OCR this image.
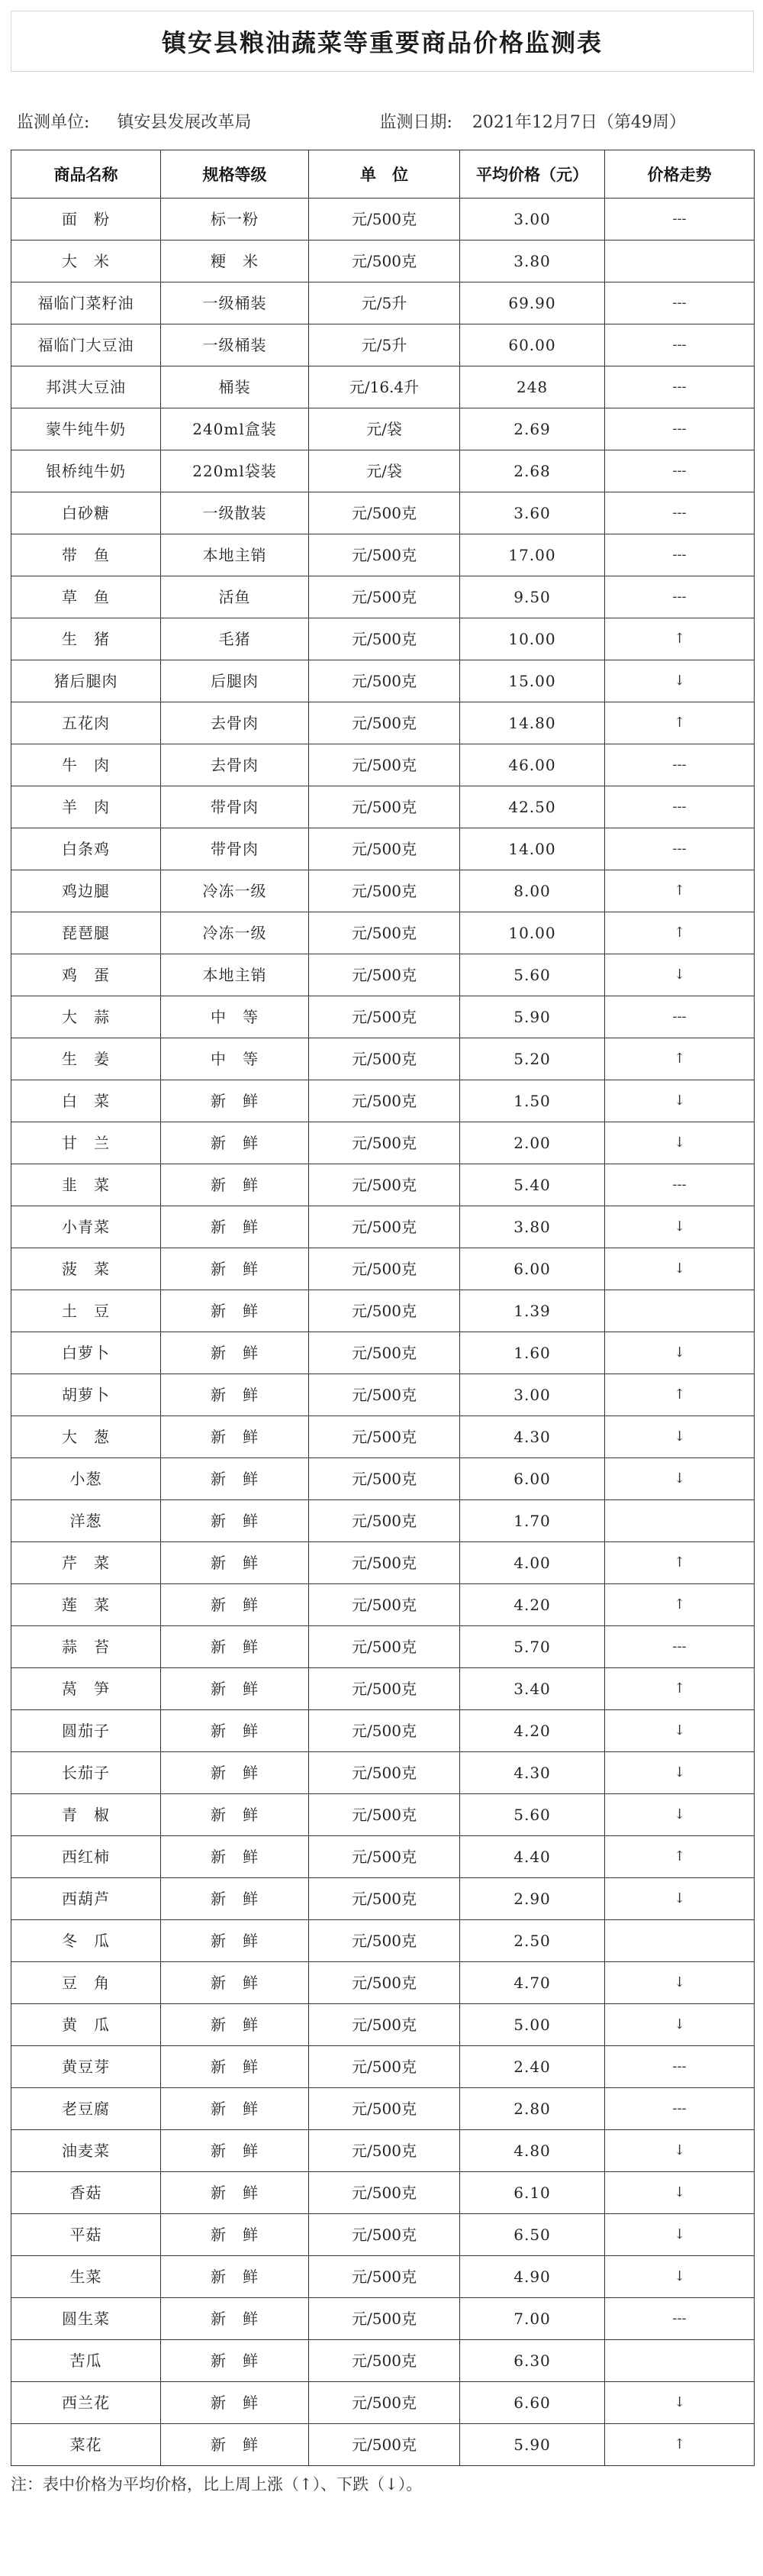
镇安县粮油蔬菜等重要商品价格监测表
监测单位: 镇安县发展改革局	监测日期: 2021年12月7日（第49周）
商品名称	规格等级	单　位	平均价格（元）	价格走势
面　粉	标一粉	元/500克	3.00	---
大　米	粳　米	元/500克	3.80	
福临门菜籽油	一级桶装	元/5升	69.90	---
福临门大豆油	一级桶装	元/5升	60.00	---
邦淇大豆油	桶装	元/16.4升	248	---
蒙牛纯牛奶	240ml盒装	元/袋	2.69	---
银桥纯牛奶	220ml袋装	元/袋	2.68	---
白砂糖	一级散装	元/500克	3.60	---
带　鱼	本地主销	元/500克	17.00	---
草　鱼	活鱼	元/500克	9.50	---
生　猪	毛猪	元/500克	10.00	↑
猪后腿肉	后腿肉	元/500克	15.00	↓
五花肉	去骨肉	元/500克	14.80	↑
牛　肉	去骨肉	元/500克	46.00	---
羊　肉	带骨肉	元/500克	42.50	---
白条鸡	带骨肉	元/500克	14.00	---
鸡边腿	冷冻一级	元/500克	8.00	↑
琵琶腿	冷冻一级	元/500克	10.00	↑
鸡　蛋	本地主销	元/500克	5.60	↓
大　蒜	中　等	元/500克	5.90	---
生　姜	中　等	元/500克	5.20	↑
白　菜	新　鲜	元/500克	1.50	↓
甘　兰	新　鲜	元/500克	2.00	↓
韭　菜	新　鲜	元/500克	5.40	---
小青菜	新　鲜	元/500克	3.80	↓
菠　菜	新　鲜	元/500克	6.00	↓
土　豆	新　鲜	元/500克	1.39	
白萝卜	新　鲜	元/500克	1.60	↓
胡萝卜	新　鲜	元/500克	3.00	↑
大　葱	新　鲜	元/500克	4.30	↓
小葱	新　鲜	元/500克	6.00	↓
洋葱	新　鲜	元/500克	1.70	
芹　菜	新　鲜	元/500克	4.00	↑
莲　菜	新　鲜	元/500克	4.20	↑
蒜　苔	新　鲜	元/500克	5.70	---
莴　笋	新　鲜	元/500克	3.40	↑
圆茄子	新　鲜	元/500克	4.20	↓
长茄子	新　鲜	元/500克	4.30	↓
青　椒	新　鲜	元/500克	5.60	↓
西红柿	新　鲜	元/500克	4.40	↑
西葫芦	新　鲜	元/500克	2.90	↓
冬　瓜	新　鲜	元/500克	2.50	
豆　角	新　鲜	元/500克	4.70	↓
黄　瓜	新　鲜	元/500克	5.00	↓
黄豆芽	新　鲜	元/500克	2.40	---
老豆腐	新　鲜	元/500克	2.80	---
油麦菜	新　鲜	元/500克	4.80	↓
香菇	新　鲜	元/500克	6.10	↓
平菇	新　鲜	元/500克	6.50	↓
生菜	新　鲜	元/500克	4.90	↓
圆生菜	新　鲜	元/500克	7.00	---
苦瓜	新　鲜	元/500克	6.30	
西兰花	新　鲜	元/500克	6.60	↓
菜花	新　鲜	元/500克	5.90	↑
注：表中价格为平均价格，比上周上涨（↑）、下跌（↓）。
